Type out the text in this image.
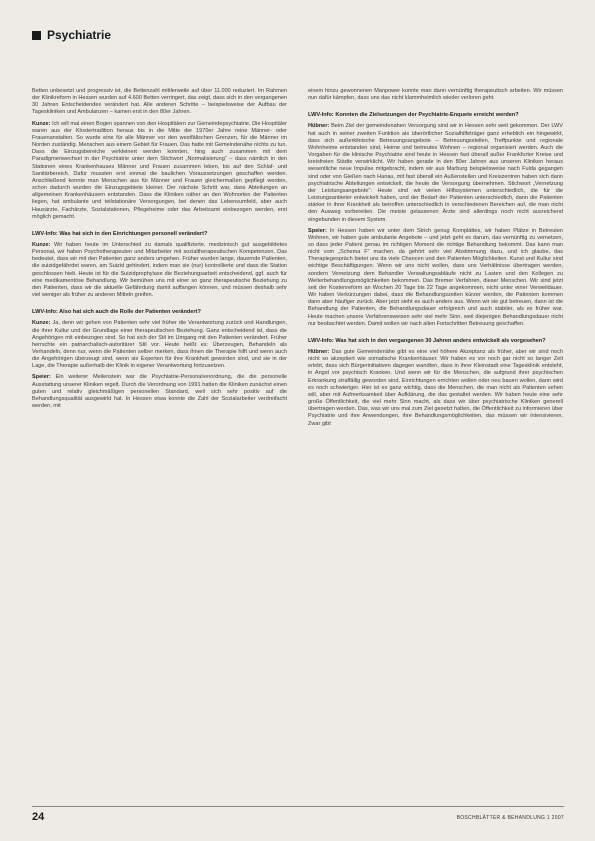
Psychiatrie

Betten unbesetzt und progressiv ist, die Bettenzahl mittlerweile auf über 11.000 reduziert. Im Rahmen der Klinikreform in Hessen wurden auf 4.600 Betten verringert, das zeigt, dass sich in den vergangenen 30 Jahren Entscheidendes verändert hat. Alle anderen Schritte – beispielsweise der Aufbau der Tageskliniken und Ambulanzen – kamen erst in den 80er Jahren.

Kunze: Ich will mal einen Bogen spannen von den Hospitälern zur Gemeindepsychiatrie. Die Hospitäler waren aus der Klostertradition heraus bis in die Mitte der 1970er Jahre reine Männer- oder Frauenanstalten. So wurde eine für alle Männer vor den westfälischen Grenzen, für die Männer im Norden zuständig. Menschen aus einem Gebiet für Frauen. Das hatte mit Gemeindenähe nichts zu tun. Dass die Einzugsbereiche verkleinert werden konnten, hing auch zusammen mit dem Paradigmenwechsel in der Psychiatrie unter dem Stichwort „Normalisierung“ – dass nämlich in den Stationen eines Krankenhauses Männer und Frauen zusammen leben, bis auf den Schlaf- und Sanitärbereich. Dafür mussten erst einmal die baulichen Voraussetzungen geschaffen werden. Anschließend konnte man Menschen aus für Männer und Frauen gleichermaßen gepflegt werden, schon dadurch wurden die Einzugsgebiete kleiner. Der nächste Schritt war, dass Abteilungen an allgemeinen Krankenhäusern entstanden. Dass die Kliniken näher an den Wohnorten der Patienten liegen, hat ambulante und teilstationäre Versorgungen, bei denen das Lebensumfeld, aber auch Hausärzte, Fachärzte, Sozialstationen, Pflegeheime oder das Arbeitsamt einbezogen werden, erst möglich gemacht.

LWV-Info: Was hat sich in den Einrichtungen personell verändert?

Kunze: Wir haben heute im Unterschied zu damals qualifizierte, medizinisch gut ausgebildetes Personal, wir haben Psychotherapeuten und Mitarbeiter mit sozialtherapeutischen Kompetenzen. Das bedeutet, dass wir mit den Patienten ganz anders umgehen. Früher wurden lange, dauernde Patienten, die suizidgefährdet waren, am Suizid gehindert, indem man sie (nur) kontrollierte und dass die Station geschlossen hielt. Heute ist für die Suizidprophylaxe die Beziehungsarbeit entscheidend, ggf. auch für eine medikamentöse Behandlung. Wir bemühen uns mit einer so ganz therapeutische Beziehung zu den Patienten, dass wir die aktuelle Gefährdung damit auffangen können, und müssen deshalb sehr viel weniger als früher zu anderen Mitteln greifen.

LWV-Info: Also hat sich auch die Rolle der Patienten verändert?

Kunze: Ja, denn wir gehen von Patienten sehr viel früher die Verantwortung zurück und Handlungen, die ihrer Kultur und der Grundlage einer therapeutischen Beziehung. Ganz entscheidend ist, dass die Angehörigen mit einbezogen sind. So hat sich der Stil im Umgang mit den Patienten verändert. Früher herrschte ein patriarchalisch-autoritärer Stil vor. Heute heißt es: Überzeugen, Behandeln als Verhandeln, denn nur, wenn die Patienten selber merken, dass ihnen die Therapie hilft und wenn auch die Angehörigen überzeugt sind, wenn sie Experten für ihre Krankheit geworden sind, und sie in der Lage, die Therapie außerhalb der Klinik in eigener Verantwortung fortzusetzen.

Speier: Ein weiterer Meilenstein war die Psychiatrie-Personalverordnung, die die personelle Ausstattung unserer Kliniken regelt. Durch die Verordnung von 1991 hatten die Kliniken zunächst einen guten und relativ gleichmäßigen personellen Standard, weil sich sehr positiv auf die Behandlungsqualität ausgewirkt hat. In Hessen etwa konnte die Zahl der Sozialarbeiter verdreifacht werden, mit

einem hinzu gewonnenen Manpower konnte man dann vernünftig therapeutisch arbeiten. Wir müssen nun dafür kämpfen, dass uns das nicht klammheimlich wieder verloren geht.

LWV-Info: Konnten die Zielsetzungen der Psychiatrie-Enquete erreicht werden?

Hübner: Beim Ziel der gemeindenahen Versorgung sind wir in Hessen sehr weit gekommen. Der LWV hat auch in seiner zweiten Funktion als überörtlicher Sozialhilfeträger ganz erheblich ein hingewirkt, dass sich außerklinische Betreuungsangebote – Betreuungsstellen, Treffpunkte und regionale Wohnheime entstanden sind, Heime und betreutes Wohnen – regional organisiert werden. Auch die Vorgaben für die klinische Psychiatrie sind heute in Hessen fast überall außer Frankfurter Kreise und kreisfreien Städte verwirklicht. Wir haben gerade in den 80er Jahren aus unseren Kliniken heraus wesentliche neue Impulse mitgebracht, indem wir aus Marburg beispielsweise nach Fulda gegangen sind oder von Gießen nach Hanau, mit fast überall ein Außenstellen und Kreiszentren haben sich dann psychiatrische Abteilungen entwickelt, die heute die Versorgung übernehmen. Stichwort „Vernetzung der Leistungsangebote“: Heute sind wir vielen Hilfssystemen unterschiedlich, die für die Leistungsanbieter entwickelt haben, und der Bedarf der Patienten unterschiedlich, dann die Patienten stärker in ihrer Krankheit als betroffen unterschiedlich in verschiedenen Bereichen auf, die man nicht den Ausweg vorbereiten. Die meiste gelassenen Ärzte sind allerdings noch nicht ausreichend eingebunden in diesem System.

Speier: In Hessen haben wir unter dem Strich genug Komplättes, wir haben Plätze in Betreuten Wohnen, wir haben gute ambulante Angebote – und jetzt geht es darum, das vernünftig zu vernetzen, so dass jeder Patient genau im richtigen Moment die richtige Behandlung bekommt. Das kann man nicht vom „Schema F“ machen, da gehört sehr viel Abstimmung dazu, und ich glaube, das Therapiegespräch bietet uns da viele Chancen und den Patienten Möglichkeiten. Kunst und Kultur sind wichtige Beschäftigungen. Wenn wir uns nicht wollen, dass uns Verhältnisse übertragen werden, sondern Vernetzung dem Behandler Verwaltungsabläufe nicht zu Lasten und den Kollegen zu Weiterbehandlungsmöglichkeiten bekommen. Das Bremer Verfahren, dieser Menschen. Wir sind jetzt seit der Kostenreform an Wochen 20 Tage bis 22 Tage angekommen, nicht unter einer Verweildauer. Wir haben Verkürzungen dabei, dass die Behandlungszeiten kürzer werden, die Patienten kommen dann aber häufiger zurück. Aber jetzt sieht es auch anders aus. Wenn wir sie gut betreuen, dann ist die Behandlung der Patienten, die Behandlungsdauer erfolgreich und auch stabiler, als es früher war. Heute machen unsere Verfahrensweisen sehr viel mehr Sinn, weil diejenigen Behandlungsdauer nicht nur beobachtet werden. Damit wollen wir nach allen Fortschritten Betreuung geschaffen.

LWV-Info: Was hat sich in den vergangenen 30 Jahren anders entwickelt als vorgesehen?

Hübner: Das gute Gemeindenähe gibt es eine viel höhere Akzeptanz als früher, aber wir sind noch nicht so akzeptiert wie somatische Krankenhäuser. Wir haben es vor noch gar nicht so langer Zeit erlebt, dass sich Bürgerinitiativen dagegen wandten, dass in ihrer Kleinstadt eine Tagesklinik entsteht, in Angst vor psychisch Kranken. Und wenn wir für die Menschen, die aufgrund ihrer psychischen Erkrankung straffällig geworden sind, Einrichtungen errichten wollen oder neu bauen wollen, dann wird es noch schwieriger. Hier ist es ganz wichtig, dass die Menschen, die man nicht als Patienten sehen will, aber mit Aufmerksamkeit über Aufklärung, die das gestaltet werden. Wir haben heute eine sehr große Öffentlichkeit, die viel mehr Sinn macht, als dass wir über psychiatrische Kliniken generell übertragen werden. Das, was wir uns mal zum Ziel gesetzt hatten, die Öffentlichkeit zu informieren über Psychiatrie und ihre Anwendungen, ihre Behandlungsmöglichkeiten, das müssen wir intensivieren. Zwar gibt

24	BOSCHBLÄTTER & BEHANDLUNG 1 2007
